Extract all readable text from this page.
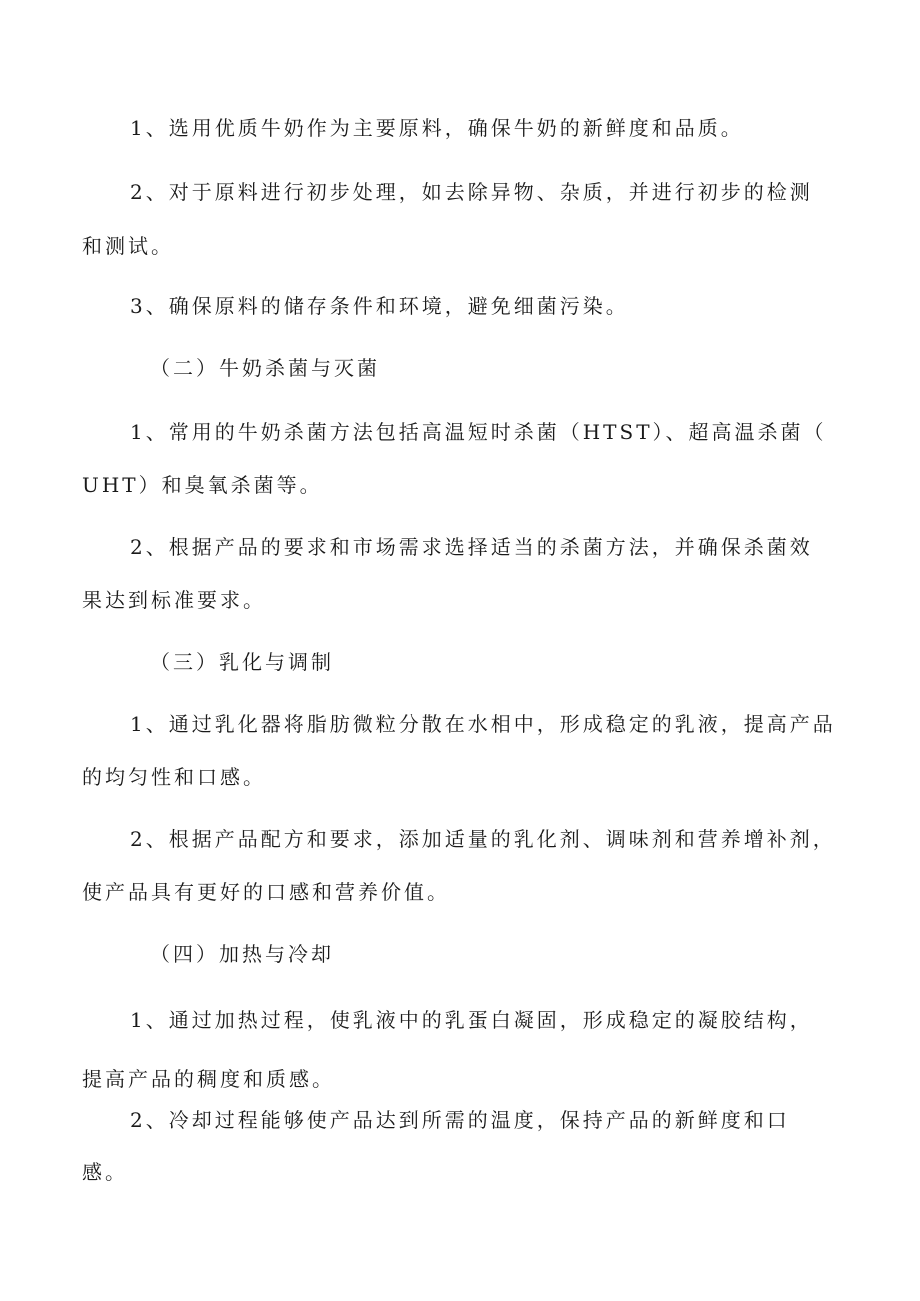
1、选用优质牛奶作为主要原料，确保牛奶的新鲜度和品质。
2、对于原料进行初步处理，如去除异物、杂质，并进行初步的检测
和测试。
3、确保原料的储存条件和环境，避免细菌污染。
（二）牛奶杀菌与灭菌
1、常用的牛奶杀菌方法包括高温短时杀菌（HTST）、超高温杀菌（
UHT）和臭氧杀菌等。
2、根据产品的要求和市场需求选择适当的杀菌方法，并确保杀菌效
果达到标准要求。
（三）乳化与调制
1、通过乳化器将脂肪微粒分散在水相中，形成稳定的乳液，提高产品
的均匀性和口感。
2、根据产品配方和要求，添加适量的乳化剂、调味剂和营养增补剂，
使产品具有更好的口感和营养价值。
（四）加热与冷却
1、通过加热过程，使乳液中的乳蛋白凝固，形成稳定的凝胶结构，
提高产品的稠度和质感。
2、冷却过程能够使产品达到所需的温度，保持产品的新鲜度和口
感。
